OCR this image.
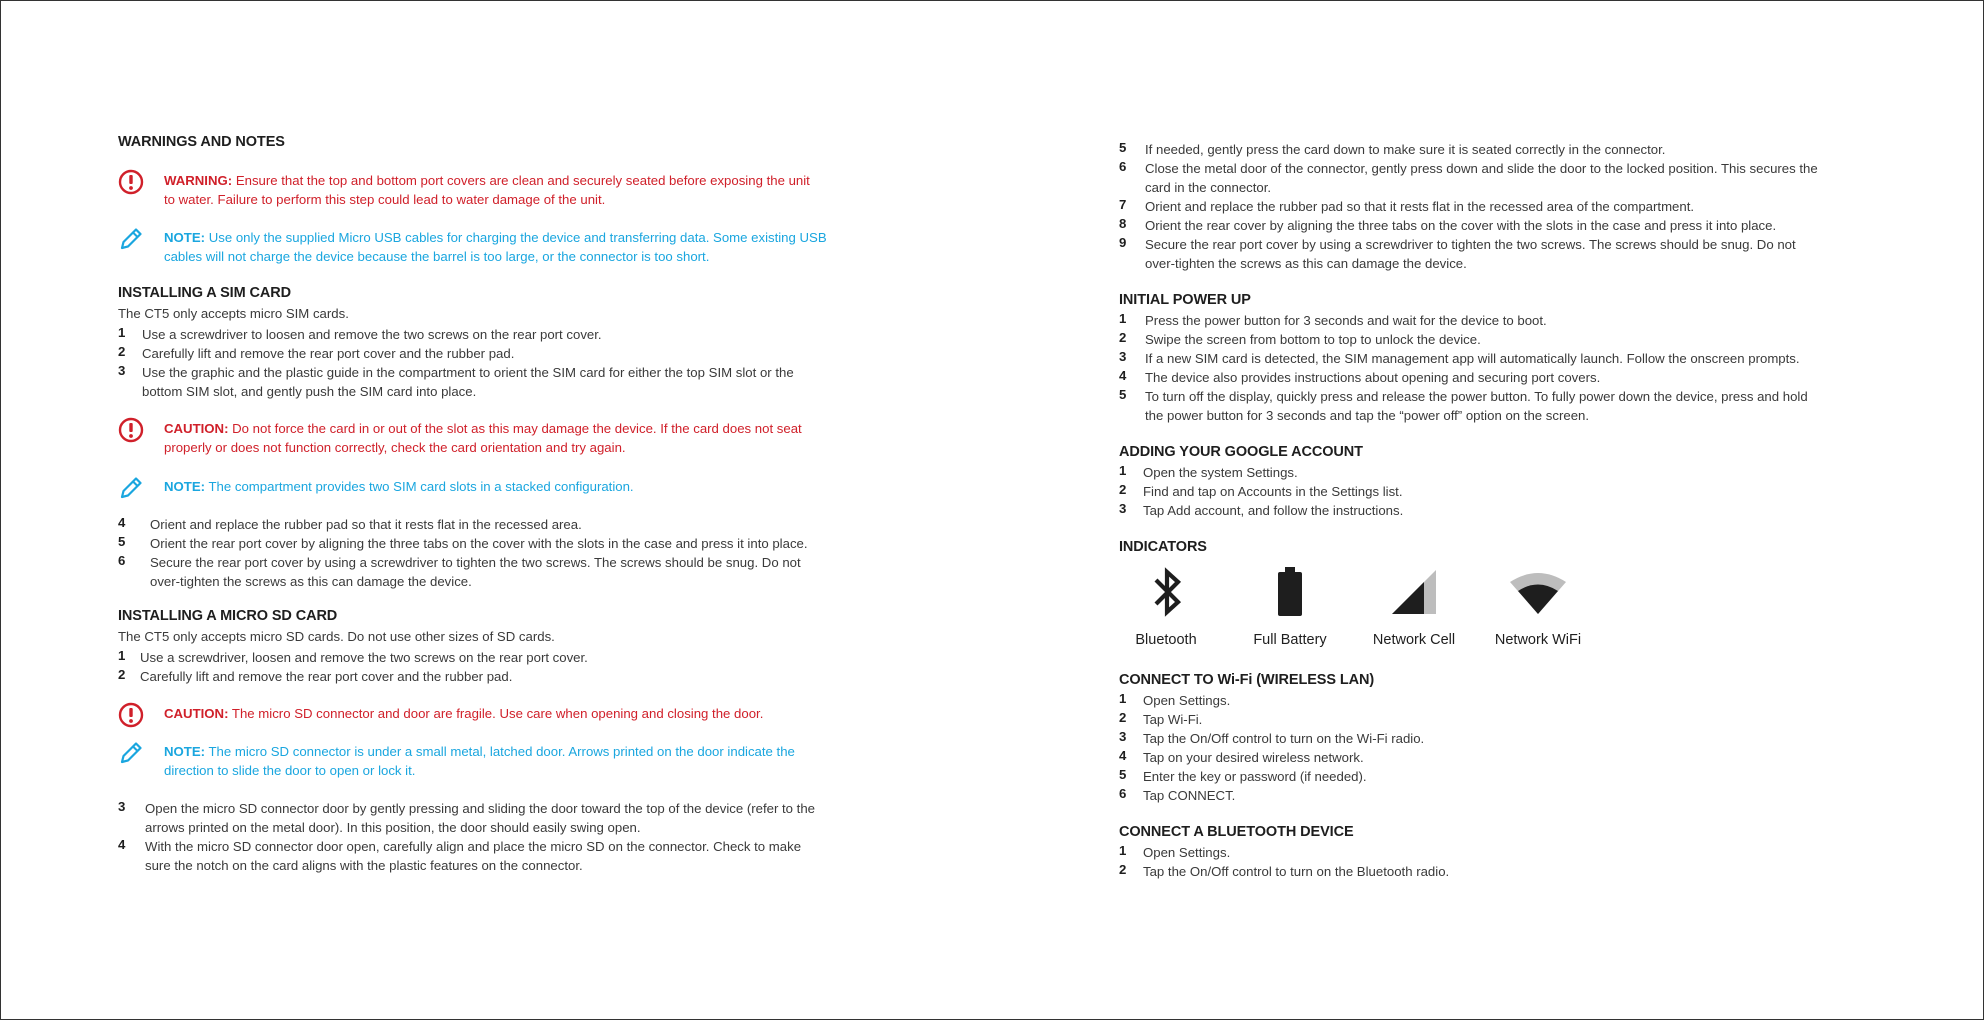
WARNINGS AND NOTES
WARNING: Ensure that the top and bottom port covers are clean and securely seated before exposing the unit
to water. Failure to perform this step could lead to water damage of the unit.
NOTE: Use only the supplied Micro USB cables for charging the device and transferring data. Some existing USB
cables will not charge the device because the barrel is too large, or the connector is too short.
INSTALLING A SIM CARD
The CT5 only accepts micro SIM cards.
1 Use a screwdriver to loosen and remove the two screws on the rear port cover.
2 Carefully lift and remove the rear port cover and the rubber pad.
3 Use the graphic and the plastic guide in the compartment to orient the SIM card for either the top SIM slot or the
bottom SIM slot, and gently push the SIM card into place.
CAUTION: Do not force the card in or out of the slot as this may damage the device. If the card does not seat
properly or does not function correctly, check the card orientation and try again.
NOTE: The compartment provides two SIM card slots in a stacked configuration.
4 Orient and replace the rubber pad so that it rests flat in the recessed area.
5 Orient the rear port cover by aligning the three tabs on the cover with the slots in the case and press it into place.
6 Secure the rear port cover by using a screwdriver to tighten the two screws. The screws should be snug. Do not
over-tighten the screws as this can damage the device.
INSTALLING A MICRO SD CARD
The CT5 only accepts micro SD cards. Do not use other sizes of SD cards.
1 Use a screwdriver, loosen and remove the two screws on the rear port cover.
2 Carefully lift and remove the rear port cover and the rubber pad.
CAUTION: The micro SD connector and door are fragile. Use care when opening and closing the door.
NOTE: The micro SD connector is under a small metal, latched door. Arrows printed on the door indicate the
direction to slide the door to open or lock it.
3 Open the micro SD connector door by gently pressing and sliding the door toward the top of the device (refer to the
arrows printed on the metal door). In this position, the door should easily swing open.
4 With the micro SD connector door open, carefully align and place the micro SD on the connector. Check to make
sure the notch on the card aligns with the plastic features on the connector.
5 If needed, gently press the card down to make sure it is seated correctly in the connector.
6 Close the metal door of the connector, gently press down and slide the door to the locked position. This secures the
card in the connector.
7 Orient and replace the rubber pad so that it rests flat in the recessed area of the compartment.
8 Orient the rear cover by aligning the three tabs on the cover with the slots in the case and press it into place.
9 Secure the rear port cover by using a screwdriver to tighten the two screws. The screws should be snug. Do not
over-tighten the screws as this can damage the device.
INITIAL POWER UP
1 Press the power button for 3 seconds and wait for the device to boot.
2 Swipe the screen from bottom to top to unlock the device.
3 If a new SIM card is detected, the SIM management app will automatically launch. Follow the onscreen prompts.
4 The device also provides instructions about opening and securing port covers.
5 To turn off the display, quickly press and release the power button. To fully power down the device, press and hold
the power button for 3 seconds and tap the “power off” option on the screen.
ADDING YOUR GOOGLE ACCOUNT
1 Open the system Settings.
2 Find and tap on Accounts in the Settings list.
3 Tap Add account, and follow the instructions.
INDICATORS
Bluetooth	Full Battery	Network Cell	Network WiFi
CONNECT TO Wi-Fi (WIRELESS LAN)
1 Open Settings.
2 Tap Wi-Fi.
3 Tap the On/Off control to turn on the Wi-Fi radio.
4 Tap on your desired wireless network.
5 Enter the key or password (if needed).
6 Tap CONNECT.
CONNECT A BLUETOOTH DEVICE
1 Open Settings.
2 Tap the On/Off control to turn on the Bluetooth radio.
